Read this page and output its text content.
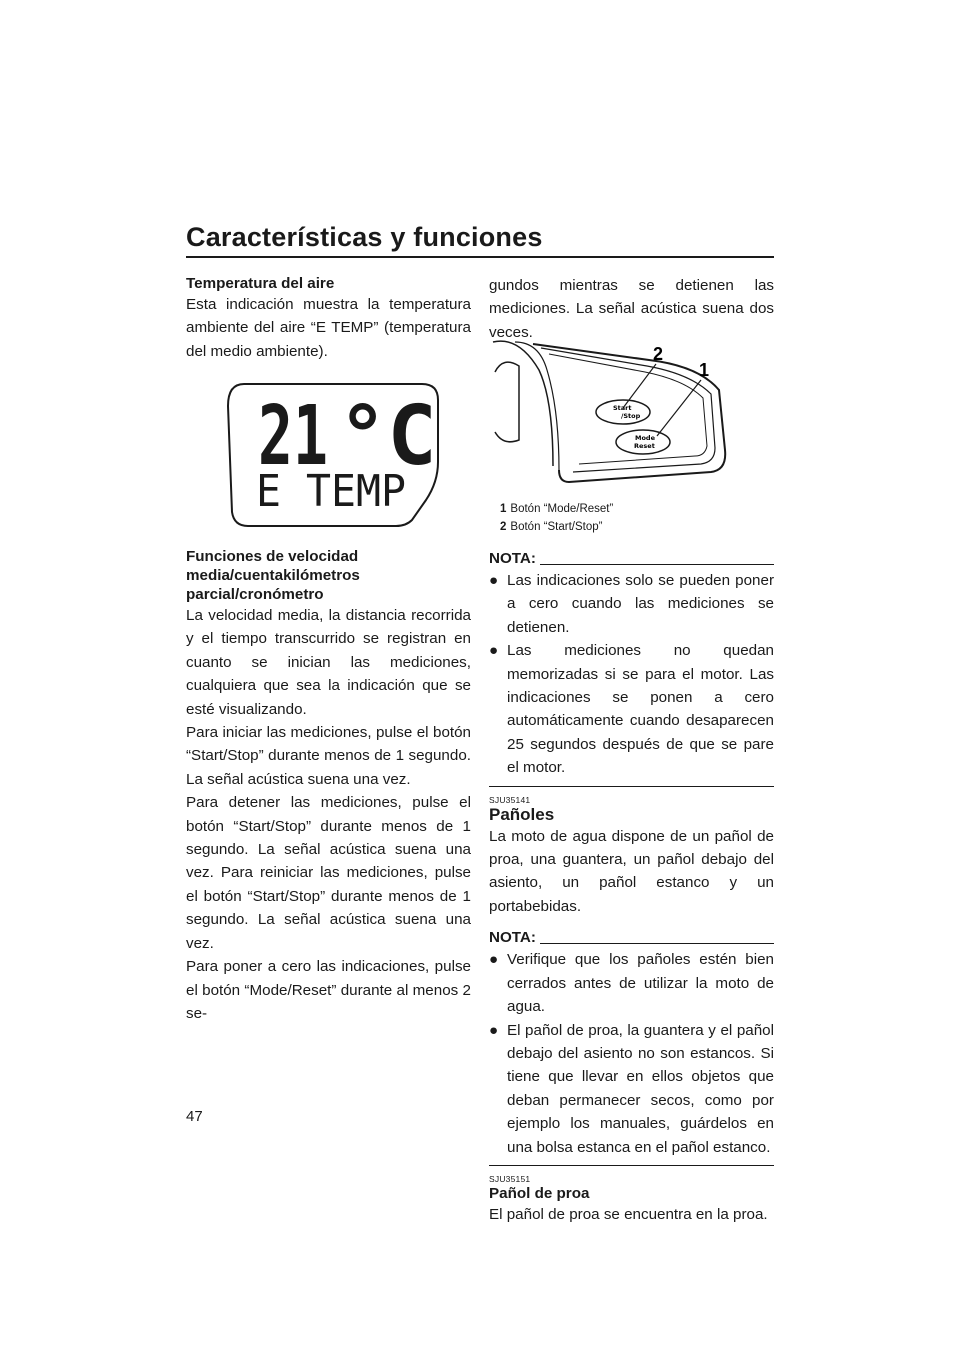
Características y funciones
Temperatura del aire

Esta indicación muestra la temperatura ambiente del aire “E TEMP” (temperatura del medio ambiente).

21 °C
E TEMP
Funciones de velocidad media/cuentakilómetros parcial/cronómetro

La velocidad media, la distancia recorrida y el tiempo transcurrido se registran en cuanto se inician las mediciones, cualquiera que sea la indicación que se esté visualizando.

Para iniciar las mediciones, pulse el botón “Start/Stop” durante menos de 1 segundo. La señal acústica suena una vez.

Para detener las mediciones, pulse el botón “Start/Stop” durante menos de 1 segundo. La señal acústica suena una vez. Para reiniciar las mediciones, pulse el botón “Start/Stop” durante menos de 1 segundo. La señal acústica suena una vez.

Para poner a cero las indicaciones, pulse el botón “Mode/Reset” durante al menos 2 se-

gundos mientras se detienen las mediciones. La señal acústica suena dos veces.

Start
/Stop
Mode
Reset
2
1
1 Botón “Mode/Reset”
2 Botón “Start/Stop”
NOTA:
● Las indicaciones solo se pueden poner a cero cuando las mediciones se detienen.
● Las mediciones no quedan memorizadas si se para el motor. Las indicaciones se ponen a cero automáticamente cuando desaparecen 25 segundos después de que se pare el motor.
SJU35141
Pañoles

La moto de agua dispone de un pañol de proa, una guantera, un pañol debajo del asiento, un pañol estanco y un portabebidas.

NOTA:
● Verifique que los pañoles estén bien cerrados antes de utilizar la moto de agua.
● El pañol de proa, la guantera y el pañol debajo del asiento no son estancos. Si tiene que llevar en ellos objetos que deban permanecer secos, como por ejemplo los manuales, guárdelos en una bolsa estanca en el pañol estanco.
SJU35151
Pañol de proa

El pañol de proa se encuentra en la proa.

47
